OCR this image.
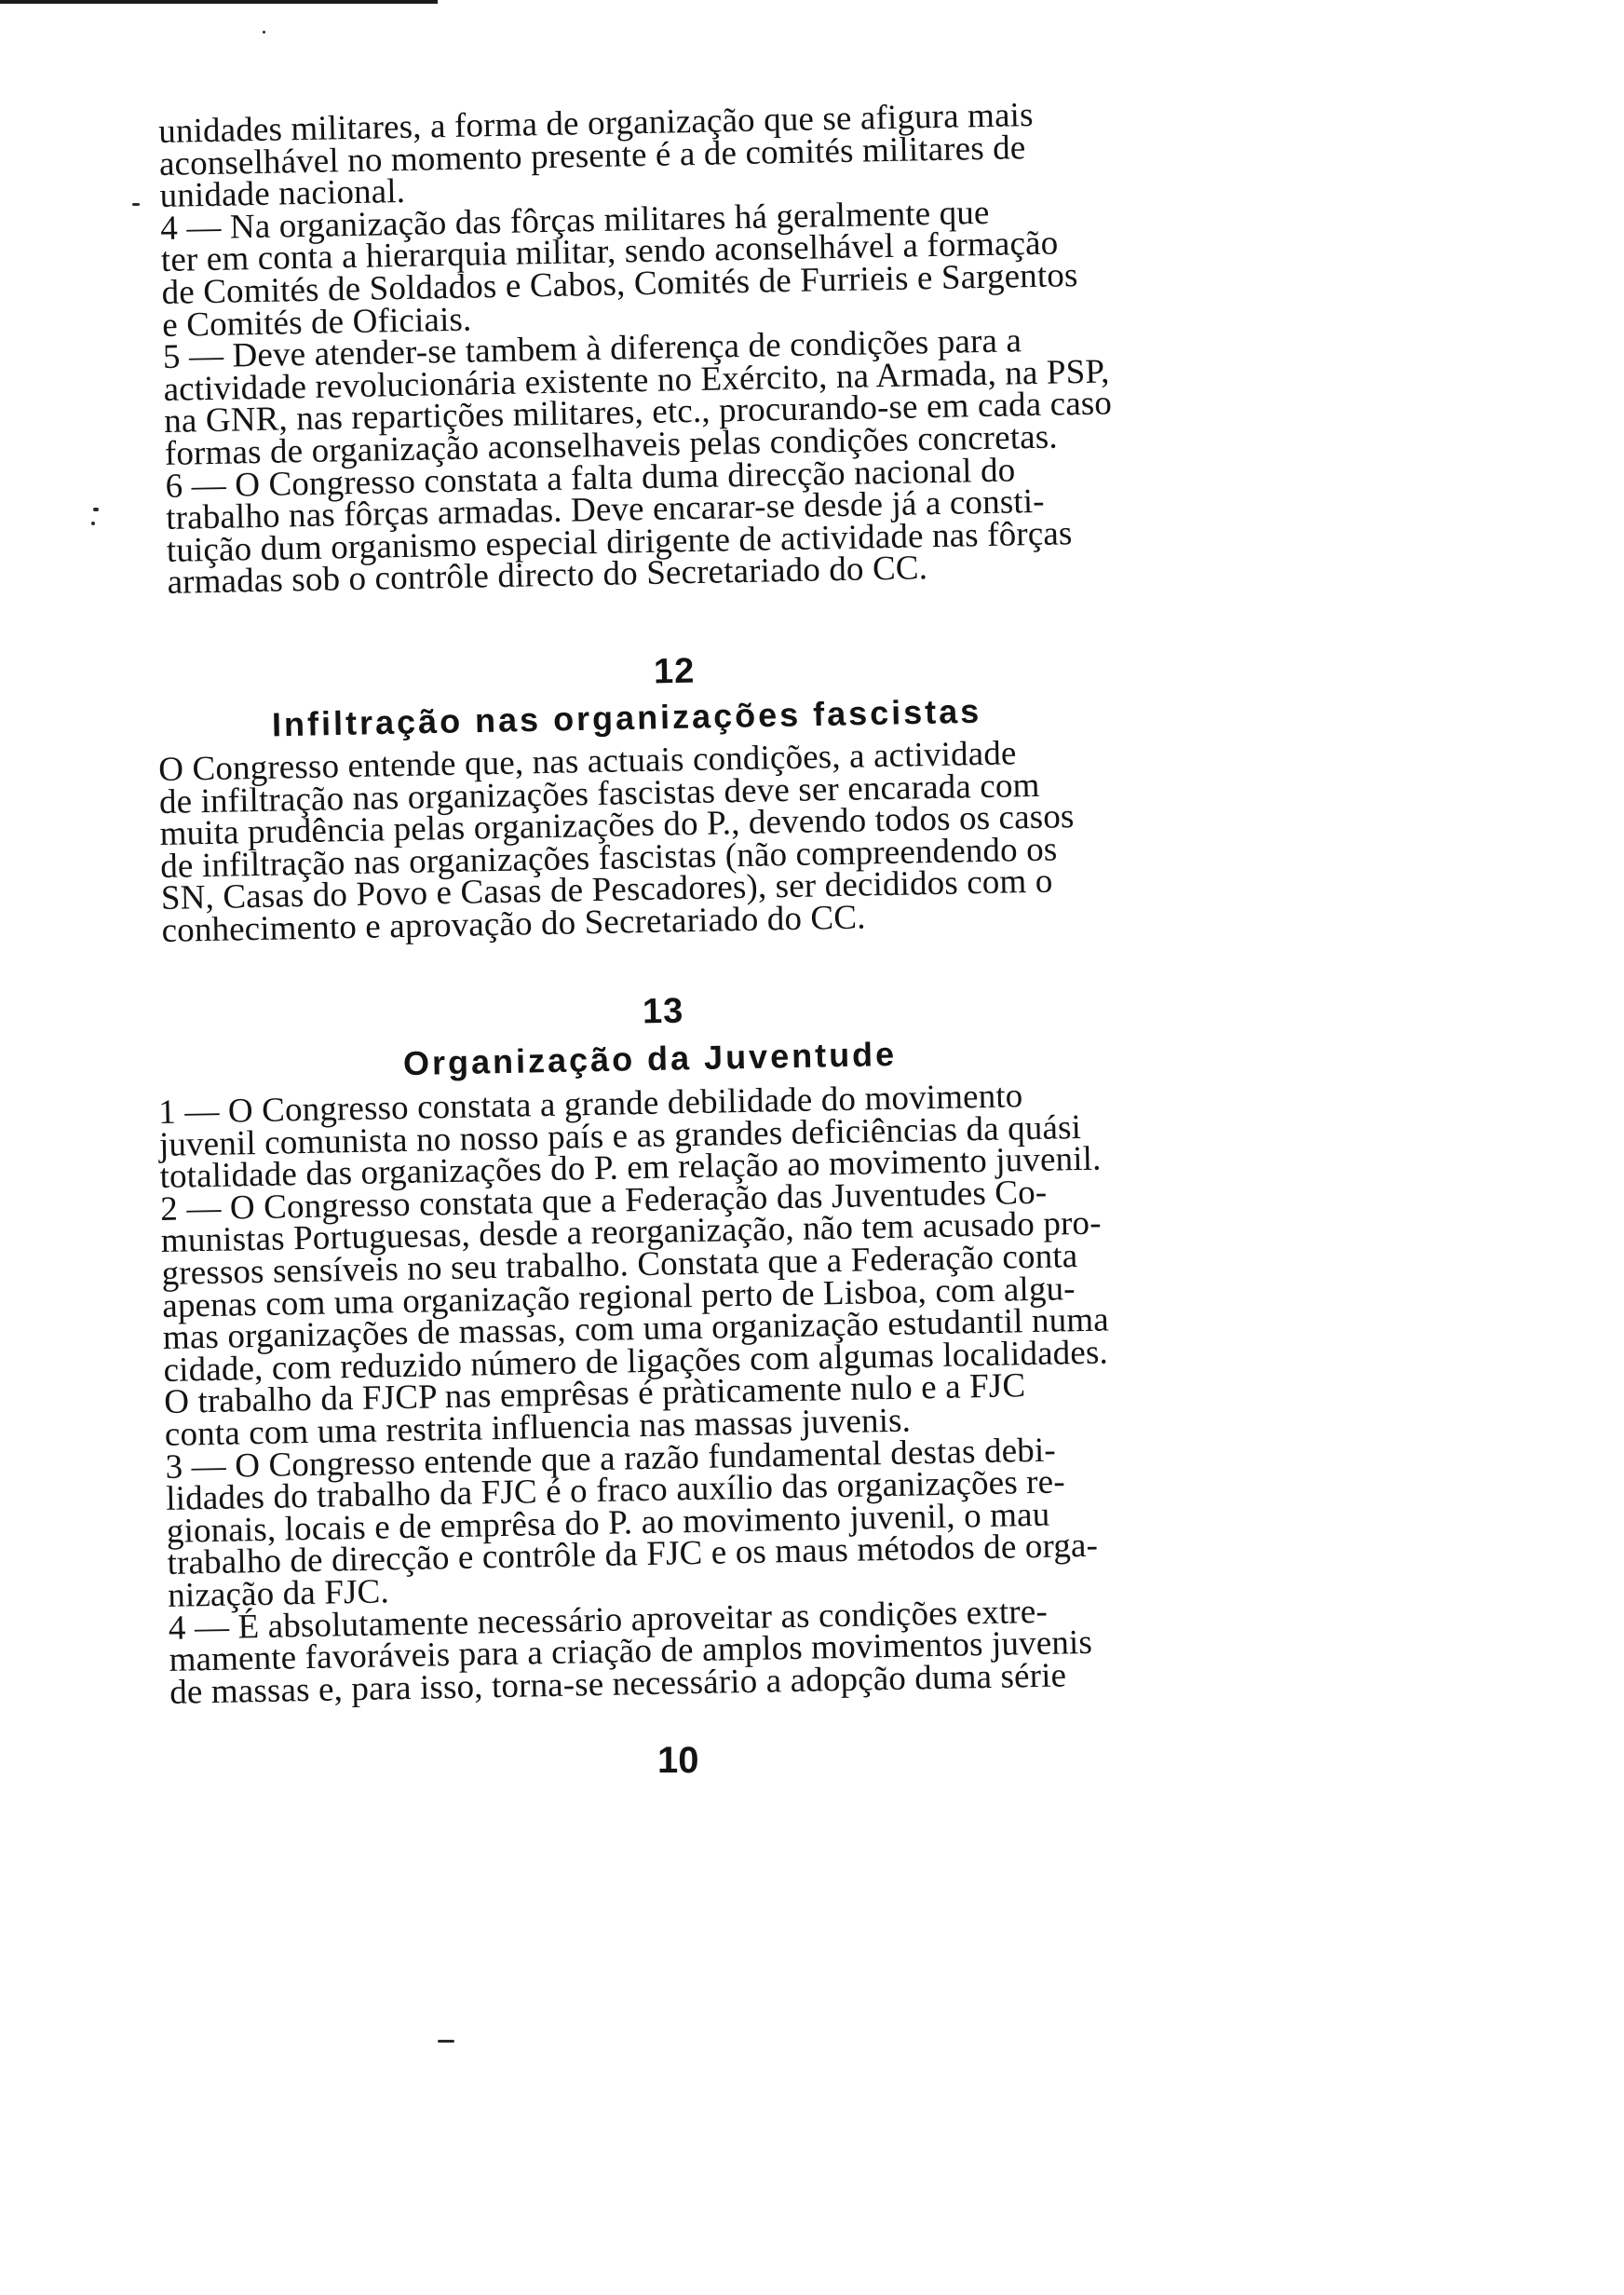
unidades militares, a forma de organização que se afigura mais
aconselhável no momento presente é a de comités militares de
unidade nacional.
4 — Na organização das fôrças militares há geralmente que
ter em conta a hierarquia militar, sendo aconselhável a formação
de Comités de Soldados e Cabos, Comités de Furrieis e Sargentos
e Comités de Oficiais.
5 — Deve atender-se tambem à diferença de condições para a
actividade revolucionária existente no Exército, na Armada, na PSP,
na GNR, nas repartições militares, etc., procurando-se em cada caso
formas de organização aconselhaveis pelas condições concretas.
6 — O Congresso constata a falta duma direcção nacional do
trabalho nas fôrças armadas. Deve encarar-se desde já a consti-
tuição dum organismo especial dirigente de actividade nas fôrças
armadas sob o contrôle directo do Secretariado do CC.

12
Infiltração nas organizações fascistas

O Congresso entende que, nas actuais condições, a actividade
de infiltração nas organizações fascistas deve ser encarada com
muita prudência pelas organizações do P., devendo todos os casos
de infiltração nas organizações fascistas (não compreendendo os
SN, Casas do Povo e Casas de Pescadores), ser decididos com o
conhecimento e aprovação do Secretariado do CC.

13
Organização da Juventude

1 — O Congresso constata a grande debilidade do movimento
juvenil comunista no nosso país e as grandes deficiências da quási
totalidade das organizações do P. em relação ao movimento juvenil.
2 — O Congresso constata que a Federação das Juventudes Co-
munistas Portuguesas, desde a reorganização, não tem acusado pro-
gressos sensíveis no seu trabalho. Constata que a Federação conta
apenas com uma organização regional perto de Lisboa, com algu-
mas organizações de massas, com uma organização estudantil numa
cidade, com reduzido número de ligações com algumas localidades.
O trabalho da FJCP nas emprêsas é pràticamente nulo e a FJC
conta com uma restrita influencia nas massas juvenis.
3 — O Congresso entende que a razão fundamental destas debi-
lidades do trabalho da FJC é o fraco auxílio das organizações re-
gionais, locais e de emprêsa do P. ao movimento juvenil, o mau
trabalho de direcção e contrôle da FJC e os maus métodos de orga-
nização da FJC.
4 — É absolutamente necessário aproveitar as condições extre-
mamente favoráveis para a criação de amplos movimentos juvenis
de massas e, para isso, torna-se necessário a adopção duma série

10
